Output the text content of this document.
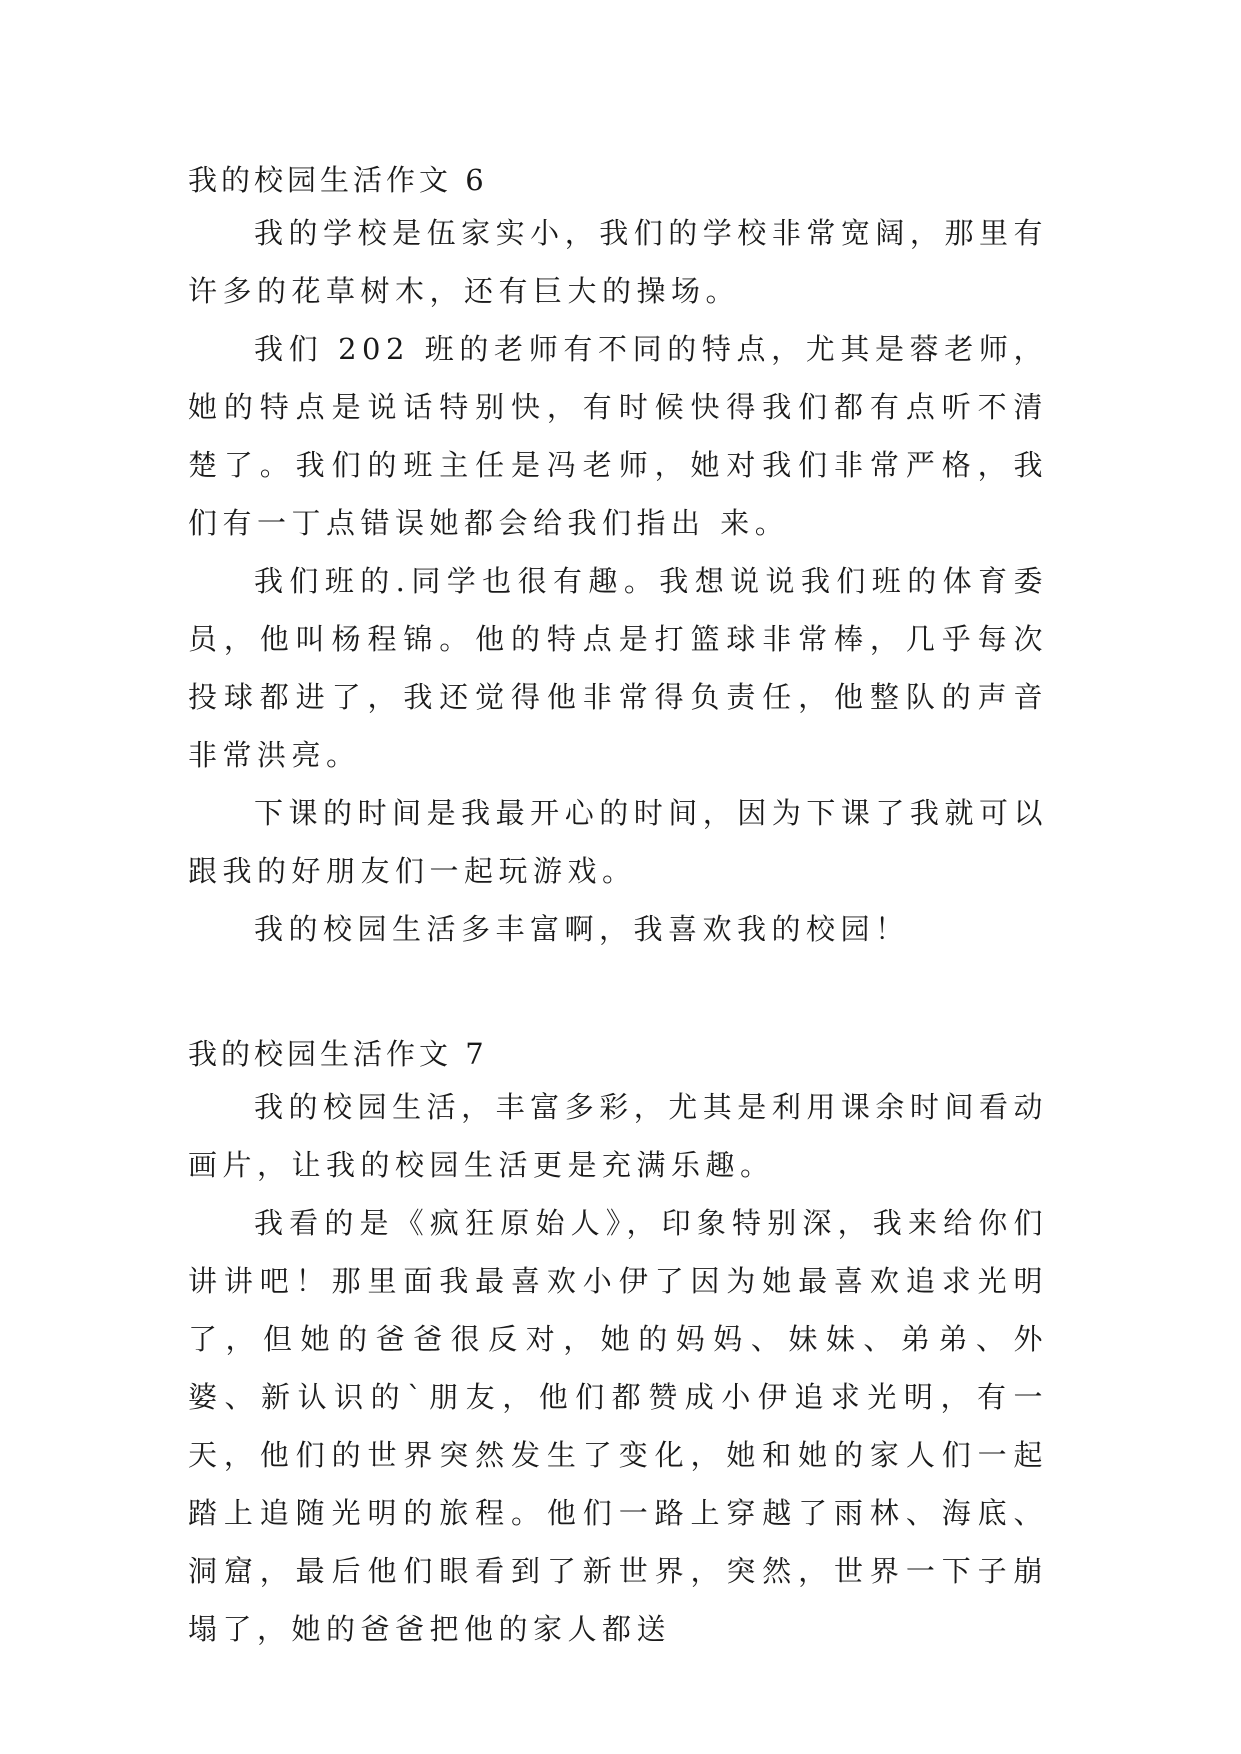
我的校园生活作文 6

我的学校是伍家实小，我们的学校非常宽阔，那里有许多的花草树木，还有巨大的操场。

我们 202 班的老师有不同的特点，尤其是蓉老师，她的特点是说话特别快，有时候快得我们都有点听不清楚了。我们的班主任是冯老师，她对我们非常严格，我们有一丁点错误她都会给我们指出 来。

我们班的.同学也很有趣。我想说说我们班的体育委员，他叫杨程锦。他的特点是打篮球非常棒，几乎每次投球都进了，我还觉得他非常得负责任，他整队的声音非常洪亮。

下课的时间是我最开心的时间，因为下课了我就可以跟我的好朋友们一起玩游戏。

我的校园生活多丰富啊，我喜欢我的校园！

我的校园生活作文 7

我的校园生活，丰富多彩，尤其是利用课余时间看动画片，让我的校园生活更是充满乐趣。

我看的是《疯狂原始人》，印象特别深，我来给你们讲讲吧！那里面我最喜欢小伊了因为她最喜欢追求光明了，但她的爸爸很反对，她的妈妈、妹妹、弟弟、外婆、新认识的`朋友，他们都赞成小伊追求光明，有一天，他们的世界突然发生了变化，她和她的家人们一起踏上追随光明的旅程。他们一路上穿越了雨林、海底、洞窟，最后他们眼看到了新世界，突然，世界一下子崩塌了，她的爸爸把他的家人都送
